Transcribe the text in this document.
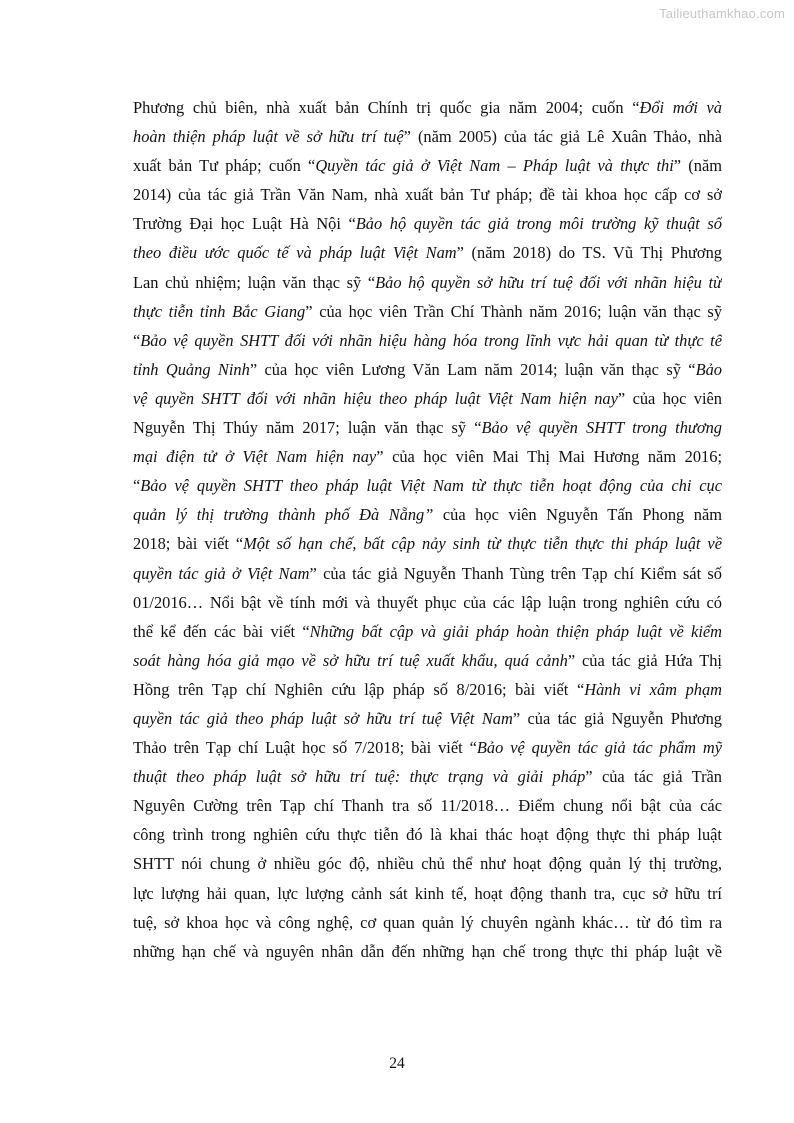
Tailieuthamkhao.com
Phương chủ biên, nhà xuất bản Chính trị quốc gia năm 2004; cuốn “Đổi mới và
hoàn thiện pháp luật về sở hữu trí tuệ” (năm 2005) của tác giả Lê Xuân Thảo, nhà
xuất bản Tư pháp; cuốn “Quyền tác giả ở Việt Nam – Pháp luật và thực thi” (năm
2014) của tác giả Trần Văn Nam, nhà xuất bản Tư pháp; đề tài khoa học cấp cơ sở
Trường Đại học Luật Hà Nội “Bảo hộ quyền tác giả trong môi trường kỹ thuật số
theo điều ước quốc tế và pháp luật Việt Nam” (năm 2018) do TS. Vũ Thị Phương
Lan chủ nhiệm; luận văn thạc sỹ “Bảo hộ quyền sở hữu trí tuệ đối với nhãn hiệu từ
thực tiễn tỉnh Bắc Giang” của học viên Trần Chí Thành năm 2016; luận văn thạc sỹ
“Bảo vệ quyền SHTT đối với nhãn hiệu hàng hóa trong lĩnh vực hải quan từ thực tế
tỉnh Quảng Ninh” của học viên Lương Văn Lam năm 2014; luận văn thạc sỹ “Bảo
vệ quyền SHTT đối với nhãn hiệu theo pháp luật Việt Nam hiện nay” của học viên
Nguyễn Thị Thúy năm 2017; luận văn thạc sỹ “Bảo vệ quyền SHTT trong thương
mại điện tử ở Việt Nam hiện nay” của học viên Mai Thị Mai Hương năm 2016;
“Bảo vệ quyền SHTT theo pháp luật Việt Nam từ thực tiễn hoạt động của chi cục
quản lý thị trường thành phố Đà Nẵng” của học viên Nguyễn Tấn Phong năm
2018; bài viết “Một số hạn chế, bất cập nảy sinh từ thực tiễn thực thi pháp luật về
quyền tác giả ở Việt Nam” của tác giả Nguyễn Thanh Tùng trên Tạp chí Kiểm sát số
01/2016… Nổi bật về tính mới và thuyết phục của các lập luận trong nghiên cứu có
thể kể đến các bài viết “Những bất cập và giải pháp hoàn thiện pháp luật về kiểm
soát hàng hóa giả mạo về sở hữu trí tuệ xuất khẩu, quá cảnh” của tác giả Hứa Thị
Hồng trên Tạp chí Nghiên cứu lập pháp số 8/2016; bài viết “Hành vi xâm phạm
quyền tác giả theo pháp luật sở hữu trí tuệ Việt Nam” của tác giả Nguyễn Phương
Thảo trên Tạp chí Luật học số 7/2018; bài viết “Bảo vệ quyền tác giả tác phẩm mỹ
thuật theo pháp luật sở hữu trí tuệ: thực trạng và giải pháp” của tác giả Trần
Nguyên Cường trên Tạp chí Thanh tra số 11/2018… Điểm chung nổi bật của các
công trình trong nghiên cứu thực tiễn đó là khai thác hoạt động thực thi pháp luật
SHTT nói chung ở nhiều góc độ, nhiều chủ thể như hoạt động quản lý thị trường,
lực lượng hải quan, lực lượng cảnh sát kinh tế, hoạt động thanh tra, cục sở hữu trí
tuệ, sở khoa học và công nghệ, cơ quan quản lý chuyên ngành khác… từ đó tìm ra
những hạn chế và nguyên nhân dẫn đến những hạn chế trong thực thi pháp luật về
24
